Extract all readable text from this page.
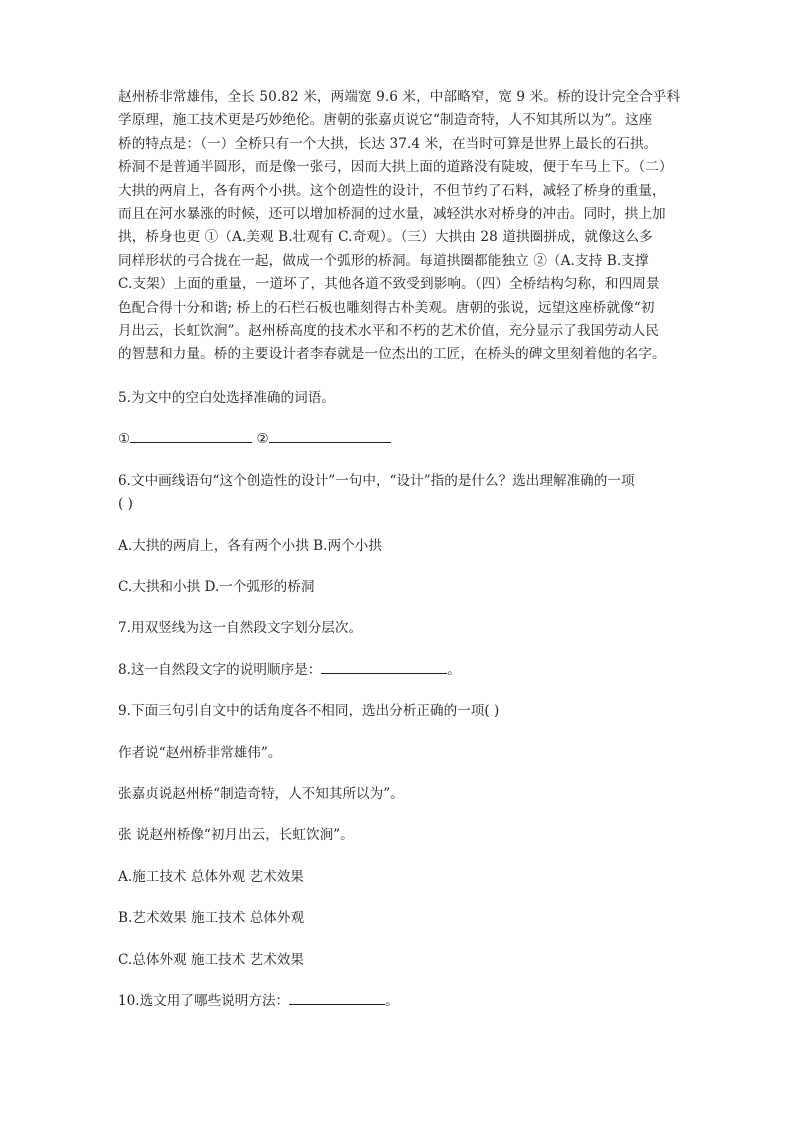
赵州桥非常雄伟，全长 50.82 米，两端宽 9.6 米，中部略窄，宽 9 米。桥的设计完全合乎科
学原理，施工技术更是巧妙绝伦。唐朝的张嘉贞说它“制造奇特，人不知其所以为”。这座
桥的特点是：（一）全桥只有一个大拱，长达 37.4 米，在当时可算是世界上最长的石拱。
桥洞不是普通半圆形，而是像一张弓，因而大拱上面的道路没有陡坡，便于车马上下。（二）
大拱的两肩上，各有两个小拱。这个创造性的设计，不但节约了石料，减轻了桥身的重量，
而且在河水暴涨的时候，还可以增加桥洞的过水量，减轻洪水对桥身的冲击。同时，拱上加
拱，桥身也更 ①（A.美观 B.壮观有 C.奇观）。（三）大拱由 28 道拱圈拼成，就像这么多
同样形状的弓合拢在一起，做成一个弧形的桥洞。每道拱圈都能独立 ②（A.支持 B.支撑
C.支架）上面的重量，一道坏了，其他各道不致受到影响。（四）全桥结构匀称，和四周景
色配合得十分和谐; 桥上的石栏石板也雕刻得古朴美观。唐朝的张说，远望这座桥就像“初
月出云，长虹饮涧”。赵州桥高度的技术水平和不朽的艺术价值，充分显示了我国劳动人民
的智慧和力量。桥的主要设计者李春就是一位杰出的工匠，在桥头的碑文里刻着他的名字。

5.为文中的空白处选择准确的词语。

①	②

6.文中画线语句“这个创造性的设计”一句中，“设计”指的是什么？选出理解准确的一项

( )

A.大拱的两肩上，各有两个小拱 B.两个小拱

C.大拱和小拱 D.一个弧形的桥洞

7.用双竖线为这一自然段文字划分层次。

8.这一自然段文字的说明顺序是：	。

9.下面三句引自文中的话角度各不相同，选出分析正确的一项( )

作者说“赵州桥非常雄伟”。

张嘉贞说赵州桥“制造奇特，人不知其所以为”。

张 说赵州桥像“初月出云，长虹饮涧”。

A.施工技术 总体外观 艺术效果

B.艺术效果 施工技术 总体外观

C.总体外观 施工技术 艺术效果

10.选文用了哪些说明方法：	。
